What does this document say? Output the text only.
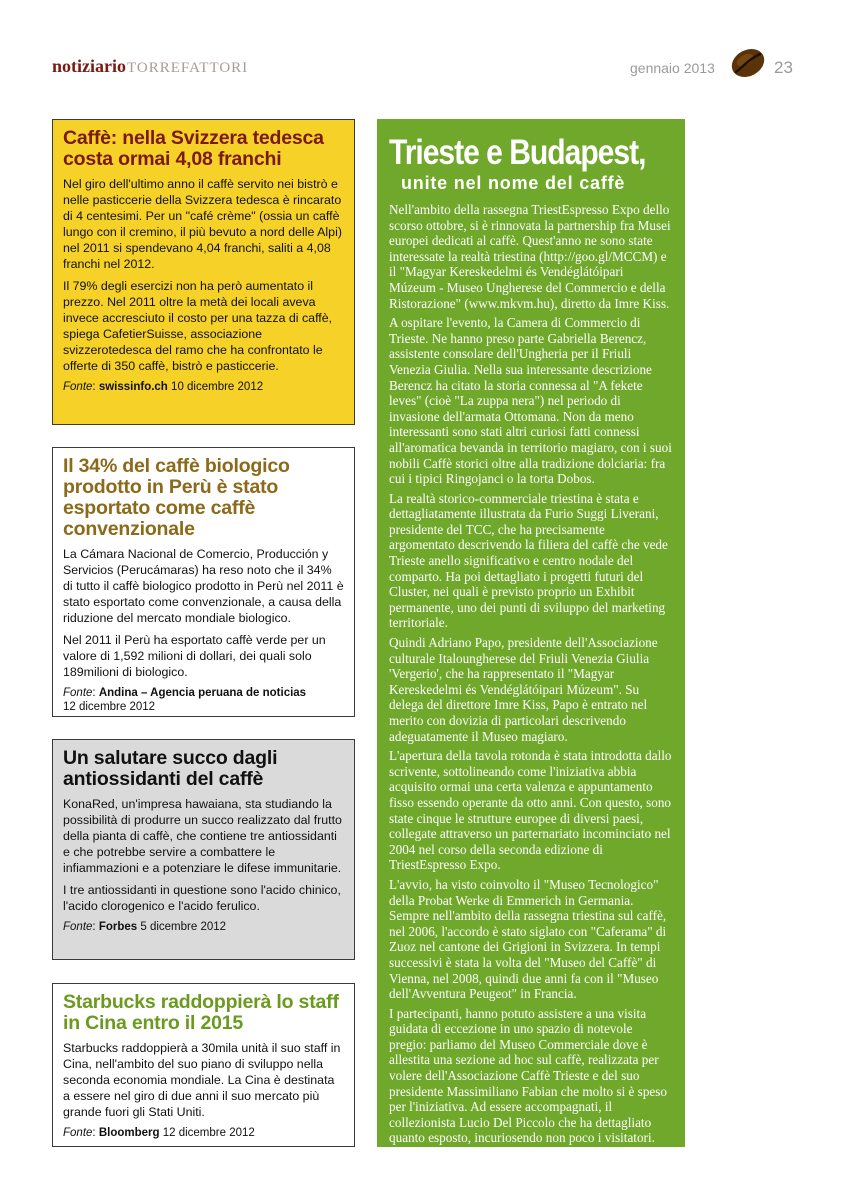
notiziarioTORREFATTORI	gennaio 2013	23
Caffè: nella Svizzera tedesca costa ormai 4,08 franchi

Nel giro dell'ultimo anno il caffè servito nei bistrò e nelle pasticcerie della Svizzera tedesca è rincarato di 4 centesimi. Per un "café crème" (ossia un caffè lungo con il cremino, il più bevuto a nord delle Alpi) nel 2011 si spendevano 4,04 franchi, saliti a 4,08 franchi nel 2012.

Il 79% degli esercizi non ha però aumentato il prezzo. Nel 2011 oltre la metà dei locali aveva invece accresciuto il costo per una tazza di caffè, spiega CafetierSuisse, associazione svizzerotedesca del ramo che ha confrontato le offerte di 350 caffè, bistrò e pasticcerie.

Fonte: swissinfo.ch 10 dicembre 2012
Il 34% del caffè biologico prodotto in Perù è stato esportato come caffè convenzionale

La Cámara Nacional de Comercio, Producción y Servicios (Perucámaras) ha reso noto che il 34% di tutto il caffè biologico prodotto in Perù nel 2011 è stato esportato come convenzionale, a causa della riduzione del mercato mondiale biologico.

Nel 2011 il Perù ha esportato caffè verde per un valore di 1,592 milioni di dollari, dei quali solo 189milioni di biologico.

Fonte: Andina – Agencia peruana de noticias
12 dicembre 2012
Un salutare succo dagli antiossidanti del caffè

KonaRed, un'impresa hawaiana, sta studiando la possibilità di produrre un succo realizzato dal frutto della pianta di caffè, che contiene tre antiossidanti e che potrebbe servire a combattere le infiammazioni e a potenziare le difese immunitarie.

I tre antiossidanti in questione sono l'acido chinico, l'acido clorogenico e l'acido ferulico.

Fonte: Forbes 5 dicembre 2012
Starbucks raddoppierà lo staff in Cina entro il 2015

Starbucks raddoppierà a 30mila unità il suo staff in Cina, nell'ambito del suo piano di sviluppo nella seconda economia mondiale. La Cina è destinata a essere nel giro di due anni il suo mercato più grande fuori gli Stati Uniti.

Fonte: Bloomberg 12 dicembre 2012
Trieste e Budapest,
unite nel nome del caffè

Nell'ambito della rassegna TriestEspresso Expo dello scorso ottobre, si è rinnovata la partnership fra Musei europei dedicati al caffè. Quest'anno ne sono state interessate la realtà triestina (http://goo.gl/MCCM) e il "Magyar Kereskedelmi és Vendéglátóipari Múzeum - Museo Ungherese del Commercio e della Ristorazione" (www.mkvm.hu), diretto da Imre Kiss.

A ospitare l'evento, la Camera di Commercio di Trieste. Ne hanno preso parte Gabriella Berencz, assistente consolare dell'Ungheria per il Friuli Venezia Giulia. Nella sua interessante descrizione Berencz ha citato la storia connessa al "A fekete leves" (cioè "La zuppa nera") nel periodo di invasione dell'armata Ottomana. Non da meno interessanti sono stati altri curiosi fatti connessi all'aromatica bevanda in territorio magiaro, con i suoi nobili Caffè storici oltre alla tradizione dolciaria: fra cui i tipici Ringojanci o la torta Dobos.

La realtà storico-commerciale triestina è stata e dettagliatamente illustrata da Furio Suggi Liverani, presidente del TCC, che ha precisamente argomentato descrivendo la filiera del caffè che vede Trieste anello significativo e centro nodale del comparto. Ha poi dettagliato i progetti futuri del Cluster, nei quali è previsto proprio un Exhibit permanente, uno dei punti di sviluppo del marketing territoriale.

Quindi Adriano Papo, presidente dell'Associazione culturale Italoungherese del Friuli Venezia Giulia 'Vergerio', che ha rappresentato il "Magyar Kereskedelmi és Vendéglátóipari Múzeum". Su delega del direttore Imre Kiss, Papo è entrato nel merito con dovizia di particolari descrivendo adeguatamente il Museo magiaro.

L'apertura della tavola rotonda è stata introdotta dallo scrivente, sottolineando come l'iniziativa abbia acquisito ormai una certa valenza e appuntamento fisso essendo operante da otto anni. Con questo, sono state cinque le strutture europee di diversi paesi, collegate attraverso un parternariato incominciato nel 2004 nel corso della seconda edizione di TriestEspresso Expo.

L'avvio, ha visto coinvolto il "Museo Tecnologico" della Probat Werke di Emmerich in Germania. Sempre nell'ambito della rassegna triestina sul caffè, nel 2006, l'accordo è stato siglato con "Caferama" di Zuoz nel cantone dei Grigioni in Svizzera. In tempi successivi è stata la volta del "Museo del Caffè" di Vienna, nel 2008, quindi due anni fa con il "Museo dell'Avventura Peugeot" in Francia.

I partecipanti, hanno potuto assistere a una visita guidata di eccezione in uno spazio di notevole pregio: parliamo del Museo Commerciale dove è allestita una sezione ad hoc sul caffè, realizzata per volere dell'Associazione Caffè Trieste e del suo presidente Massimiliano Fabian che molto si è speso per l'iniziativa. Ad essere accompagnati, il collezionista Lucio Del Piccolo che ha dettagliato quanto esposto, incuriosendo non poco i visitatori.

Gianni Pistrini
curatore Museo del Caffè-Trieste
pistrinig@hotmail.com
